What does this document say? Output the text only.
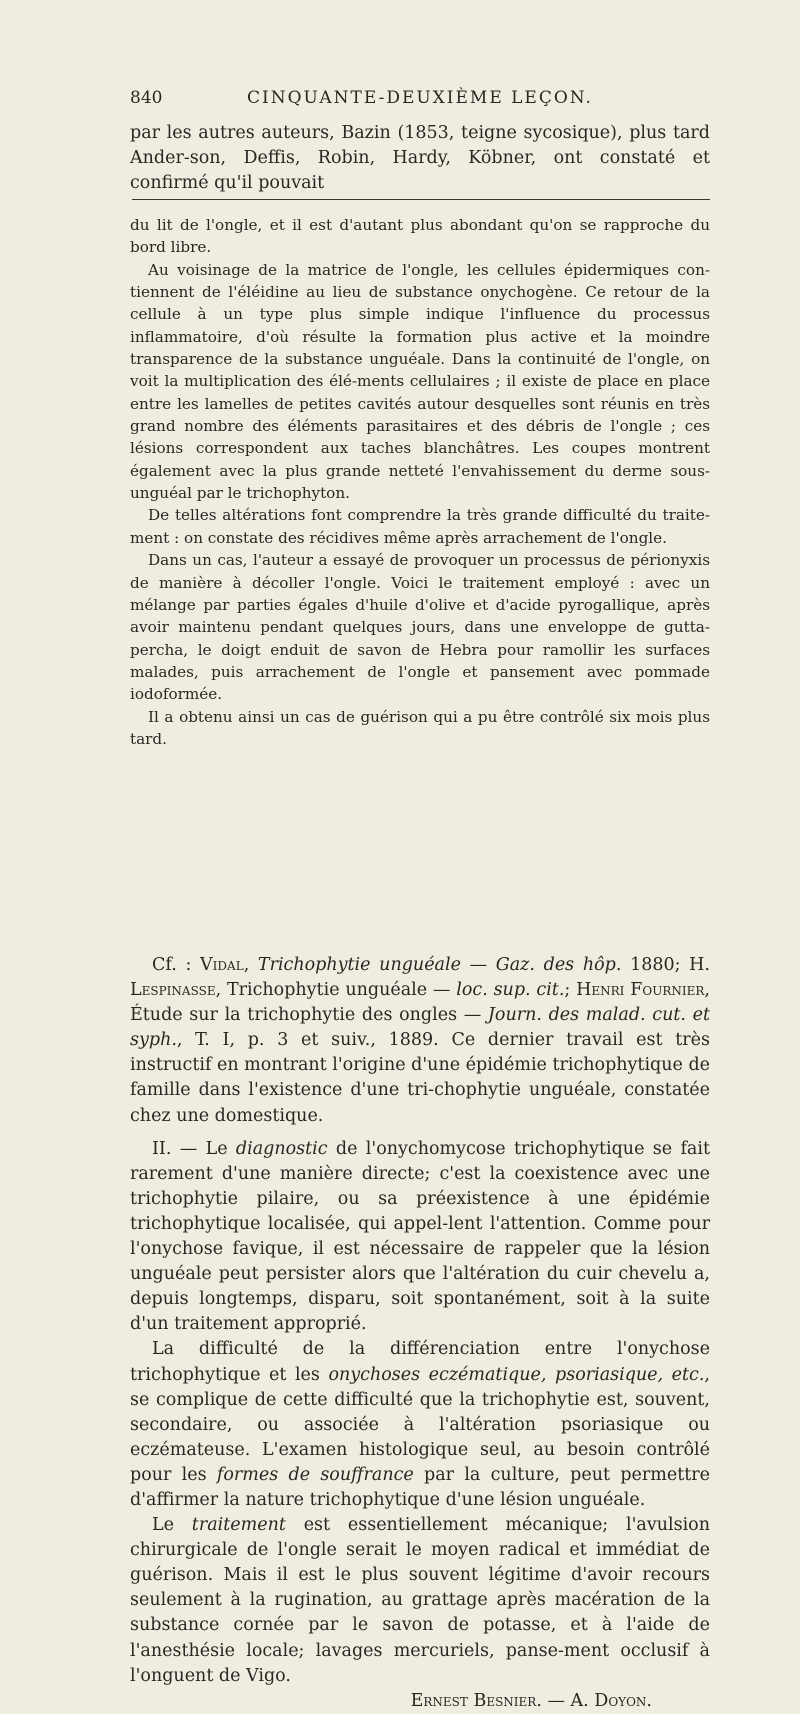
840	CINQUANTE-DEUXIÈME LEÇON.

par les autres auteurs, Bazin (1853, teigne sycosique), plus tard Ander-son, Deffis, Robin, Hardy, Köbner, ont constaté et confirmé qu'il pouvait

du lit de l'ongle, et il est d'autant plus abondant qu'on se rapproche du bord libre.

Au voisinage de la matrice de l'ongle, les cellules épidermiques con-tiennent de l'éléidine au lieu de substance onychogène. Ce retour de la cellule à un type plus simple indique l'influence du processus inflammatoire, d'où résulte la formation plus active et la moindre transparence de la substance unguéale. Dans la continuité de l'ongle, on voit la multiplication des élé-ments cellulaires ; il existe de place en place entre les lamelles de petites cavités autour desquelles sont réunis en très grand nombre des éléments parasitaires et des débris de l'ongle ; ces lésions correspondent aux taches blanchâtres. Les coupes montrent également avec la plus grande netteté l'envahissement du derme sous-unguéal par le trichophyton.

De telles altérations font comprendre la très grande difficulté du traite-ment : on constate des récidives même après arrachement de l'ongle.

Dans un cas, l'auteur a essayé de provoquer un processus de périonyxis de manière à décoller l'ongle. Voici le traitement employé : avec un mélange par parties égales d'huile d'olive et d'acide pyrogallique, après avoir maintenu pendant quelques jours, dans une enveloppe de gutta-percha, le doigt enduit de savon de Hebra pour ramollir les surfaces malades, puis arrachement de l'ongle et pansement avec pommade iodoformée.

Il a obtenu ainsi un cas de guérison qui a pu être contrôlé six mois plus tard.

Cf. : Vidal, Trichophytie unguéale — Gaz. des hôp. 1880; H. Lespinasse, Trichophytie unguéale — loc. sup. cit.; Henri Fournier, Étude sur la trichophytie des ongles — Journ. des malad. cut. et syph., T. I, p. 3 et suiv., 1889. Ce dernier travail est très instructif en montrant l'origine d'une épidémie trichophytique de famille dans l'existence d'une tri-chophytie unguéale, constatée chez une domestique.

II. — Le diagnostic de l'onychomycose trichophytique se fait rarement d'une manière directe; c'est la coexistence avec une trichophytie pilaire, ou sa préexistence à une épidémie trichophytique localisée, qui appel-lent l'attention. Comme pour l'onychose favique, il est nécessaire de rappeler que la lésion unguéale peut persister alors que l'altération du cuir chevelu a, depuis longtemps, disparu, soit spontanément, soit à la suite d'un traitement approprié.

La difficulté de la différenciation entre l'onychose trichophytique et les onychoses eczématique, psoriasique, etc., se complique de cette difficulté que la trichophytie est, souvent, secondaire, ou associée à l'altération psoriasique ou eczémateuse. L'examen histologique seul, au besoin contrôlé pour les formes de souffrance par la culture, peut permettre d'affirmer la nature trichophytique d'une lésion unguéale.

Le traitement est essentiellement mécanique; l'avulsion chirurgicale de l'ongle serait le moyen radical et immédiat de guérison. Mais il est le plus souvent légitime d'avoir recours seulement à la rugination, au grattage après macération de la substance cornée par le savon de potasse, et à l'aide de l'anesthésie locale; lavages mercuriels, panse-ment occlusif à l'onguent de Vigo.

Ernest Besnier. — A. Doyon.
